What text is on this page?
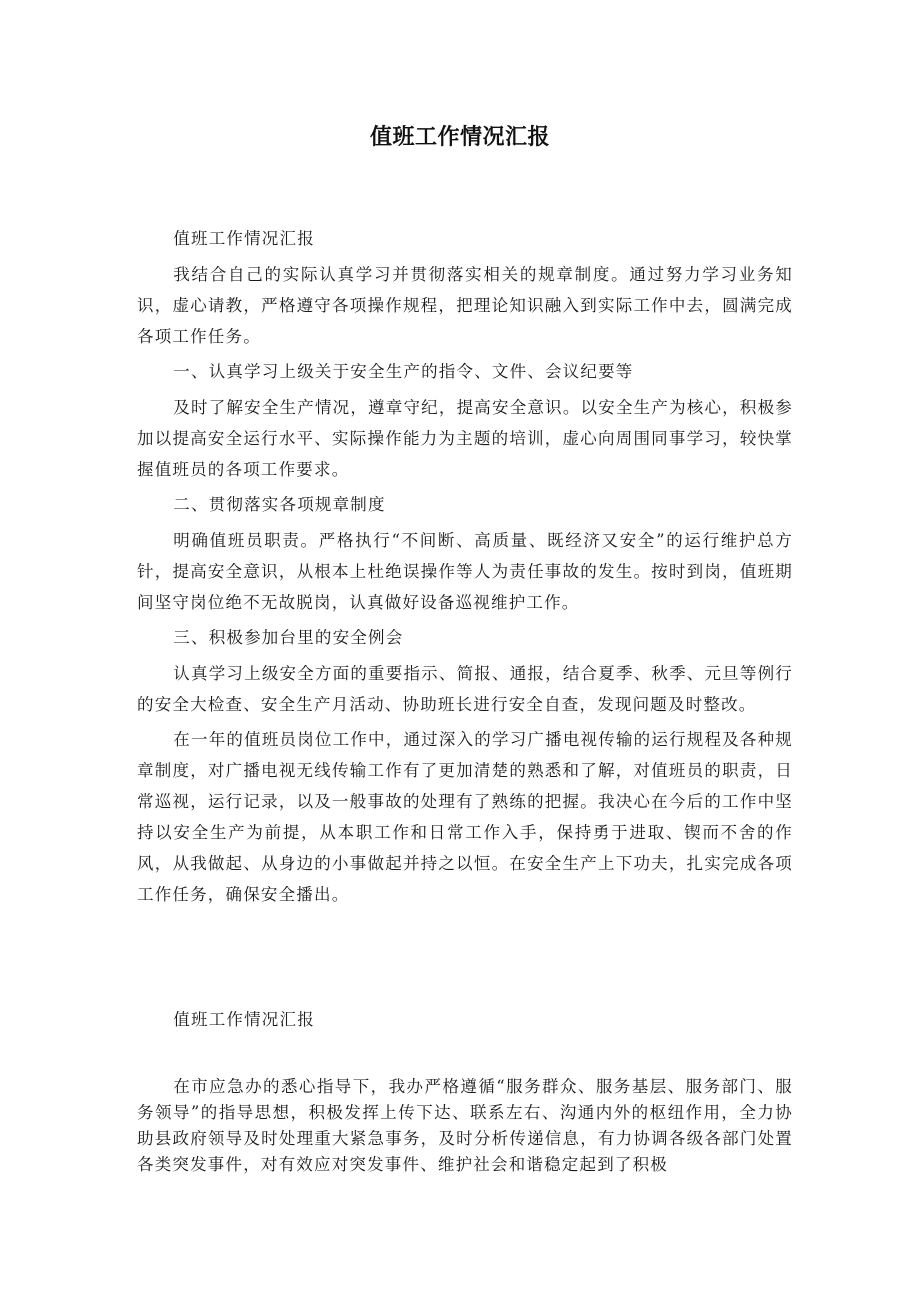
值班工作情况汇报

值班工作情况汇报

我结合自己的实际认真学习并贯彻落实相关的规章制度。通过努力学习业务知识，虚心请教，严格遵守各项操作规程，把理论知识融入到实际工作中去，圆满完成各项工作任务。

一、认真学习上级关于安全生产的指令、文件、会议纪要等

及时了解安全生产情况，遵章守纪，提高安全意识。以安全生产为核心，积极参加以提高安全运行水平、实际操作能力为主题的培训，虚心向周围同事学习，较快掌握值班员的各项工作要求。

二、贯彻落实各项规章制度

明确值班员职责。严格执行“不间断、高质量、既经济又安全”的运行维护总方针，提高安全意识，从根本上杜绝误操作等人为责任事故的发生。按时到岗，值班期间坚守岗位绝不无故脱岗，认真做好设备巡视维护工作。

三、积极参加台里的安全例会

认真学习上级安全方面的重要指示、简报、通报，结合夏季、秋季、元旦等例行的安全大检查、安全生产月活动、协助班长进行安全自查，发现问题及时整改。

在一年的值班员岗位工作中，通过深入的学习广播电视传输的运行规程及各种规章制度，对广播电视无线传输工作有了更加清楚的熟悉和了解，对值班员的职责，日常巡视，运行记录，以及一般事故的处理有了熟练的把握。我决心在今后的工作中坚持以安全生产为前提，从本职工作和日常工作入手，保持勇于进取、锲而不舍的作风，从我做起、从身边的小事做起并持之以恒。在安全生产上下功夫，扎实完成各项工作任务，确保安全播出。

值班工作情况汇报

在市应急办的悉心指导下，我办严格遵循“服务群众、服务基层、服务部门、服务领导”的指导思想，积极发挥上传下达、联系左右、沟通内外的枢纽作用，全力协助县政府领导及时处理重大紧急事务，及时分析传递信息，有力协调各级各部门处置各类突发事件，对有效应对突发事件、维护社会和谐稳定起到了积极
